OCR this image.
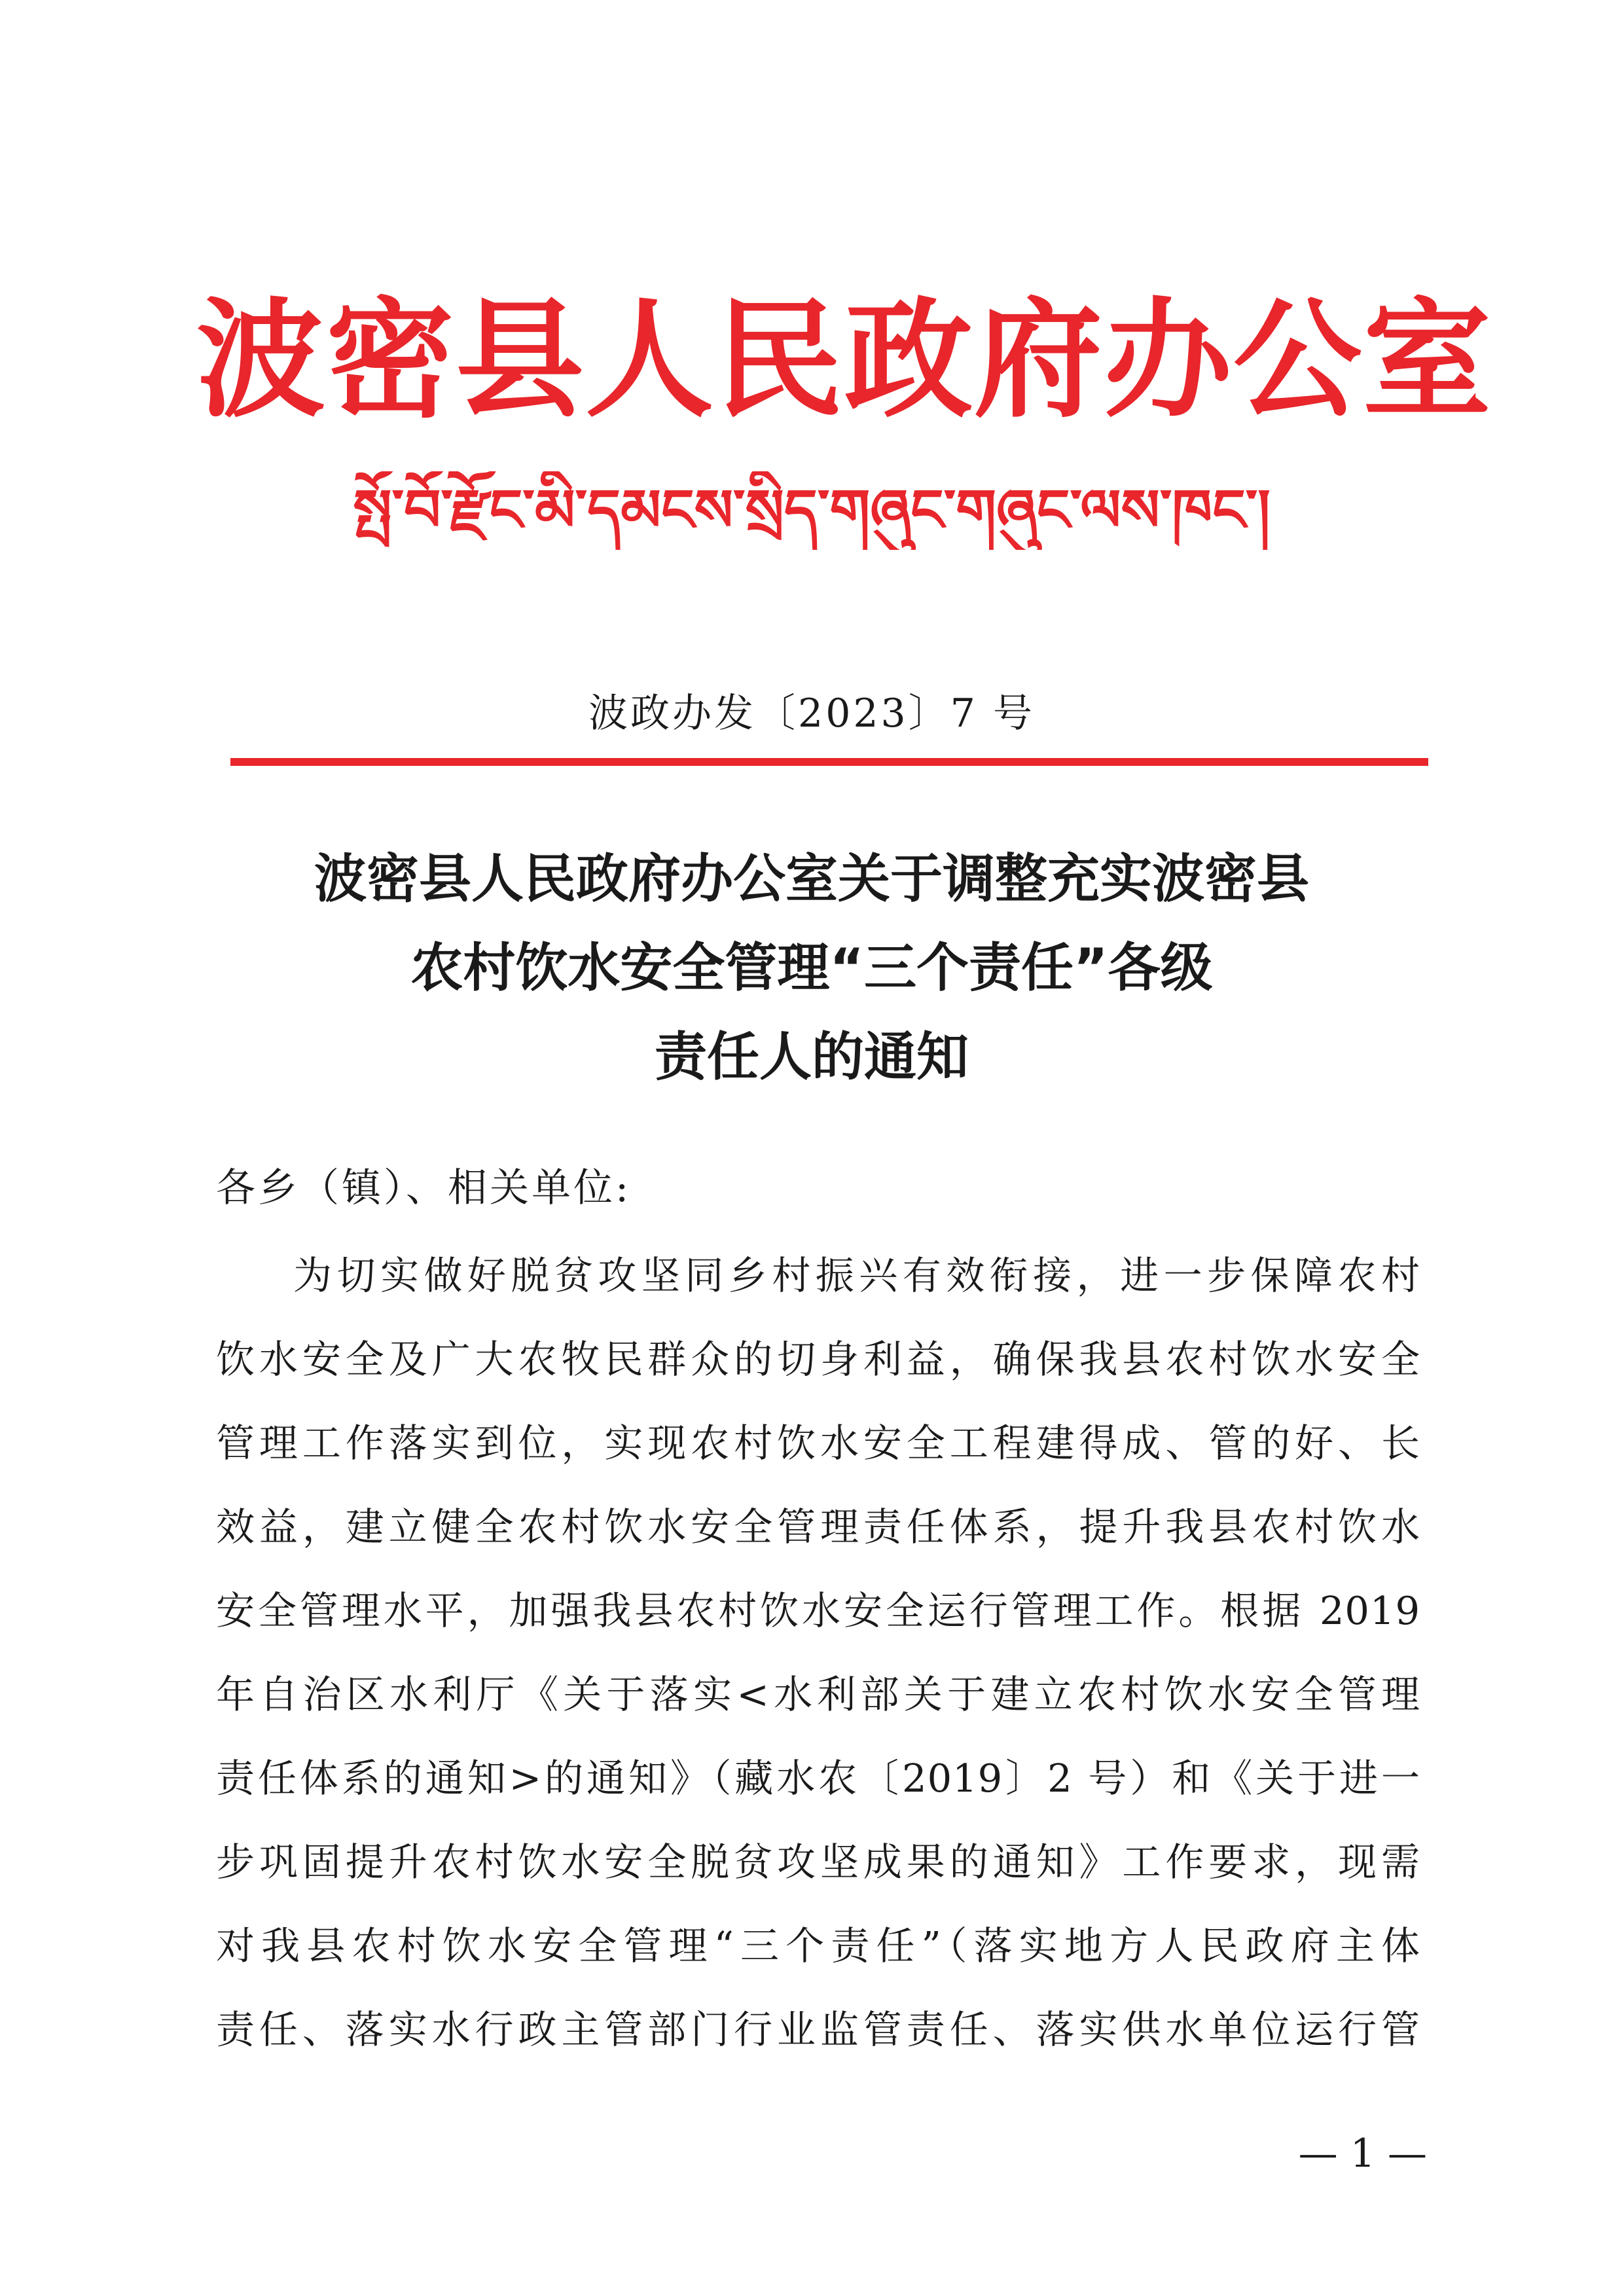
波密县人民政府办公室
སྤོ་བོ་རྫོང་མི་དམངས་སྲིད་གཞུང་གཞུང་ལས་ཁང་།
波政办发〔2023〕7 号
波密县人民政府办公室关于调整充实波密县
农村饮水安全管理“三个责任”各级
责任人的通知
各乡（镇）、相关单位:
为切实做好脱贫攻坚同乡村振兴有效衔接，进一步保障农村
饮水安全及广大农牧民群众的切身利益，确保我县农村饮水安全
管理工作落实到位，实现农村饮水安全工程建得成、管的好、长
效益，建立健全农村饮水安全管理责任体系，提升我县农村饮水
安全管理水平，加强我县农村饮水安全运行管理工作。根据 2019
年自治区水利厅《关于落实<水利部关于建立农村饮水安全管理
责任体系的通知>的通知》（藏水农〔2019〕2 号）和《关于进一
步巩固提升农村饮水安全脱贫攻坚成果的通知》工作要求，现需
对我县农村饮水安全管理“三个责任”（落实地方人民政府主体
责任、落实水行政主管部门行业监管责任、落实供水单位运行管
— 1 —
